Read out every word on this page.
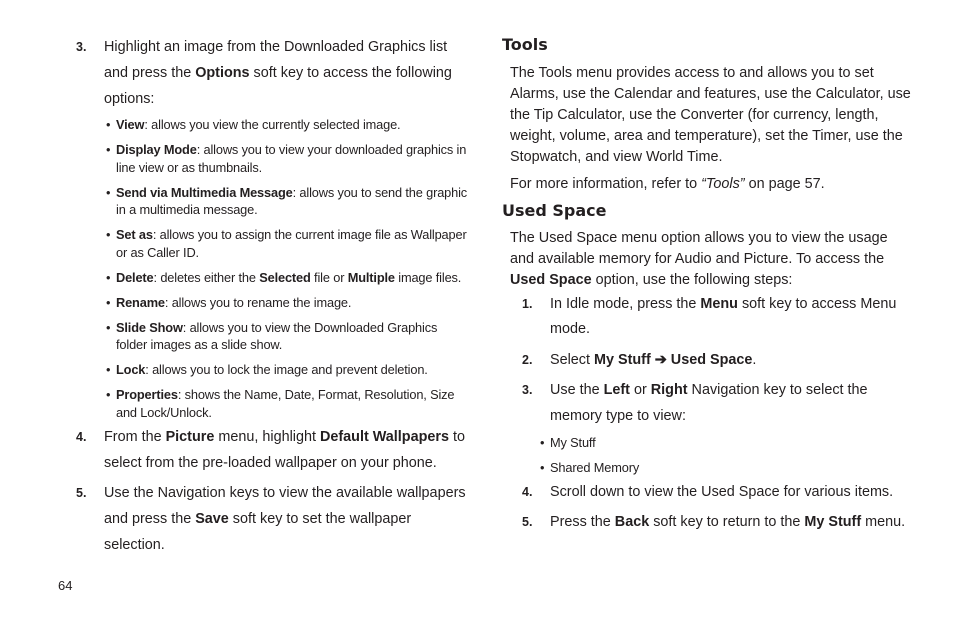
3. Highlight an image from the Downloaded Graphics list and press the Options soft key to access the following options:
• View: allows you view the currently selected image.
• Display Mode: allows you to view your downloaded graphics in line view or as thumbnails.
• Send via Multimedia Message: allows you to send the graphic in a multimedia message.
• Set as: allows you to assign the current image file as Wallpaper or as Caller ID.
• Delete: deletes either the Selected file or Multiple image files.
• Rename: allows you to rename the image.
• Slide Show: allows you to view the Downloaded Graphics folder images as a slide show.
• Lock: allows you to lock the image and prevent deletion.
• Properties: shows the Name, Date, Format, Resolution, Size and Lock/Unlock.
4. From the Picture menu, highlight Default Wallpapers to select from the pre-loaded wallpaper on your phone.
5. Use the Navigation keys to view the available wallpapers and press the Save soft key to set the wallpaper selection.
Tools
The Tools menu provides access to and allows you to set Alarms, use the Calendar and features, use the Calculator, use the Tip Calculator, use the Converter (for currency, length, weight, volume, area and temperature), set the Timer, use the Stopwatch, and view World Time.
For more information, refer to “Tools” on page 57.
Used Space
The Used Space menu option allows you to view the usage and available memory for Audio and Picture. To access the Used Space option, use the following steps:
1. In Idle mode, press the Menu soft key to access Menu mode.
2. Select My Stuff ➔ Used Space.
3. Use the Left or Right Navigation key to select the memory type to view:
• My Stuff
• Shared Memory
4. Scroll down to view the Used Space for various items.
5. Press the Back soft key to return to the My Stuff menu.
64
